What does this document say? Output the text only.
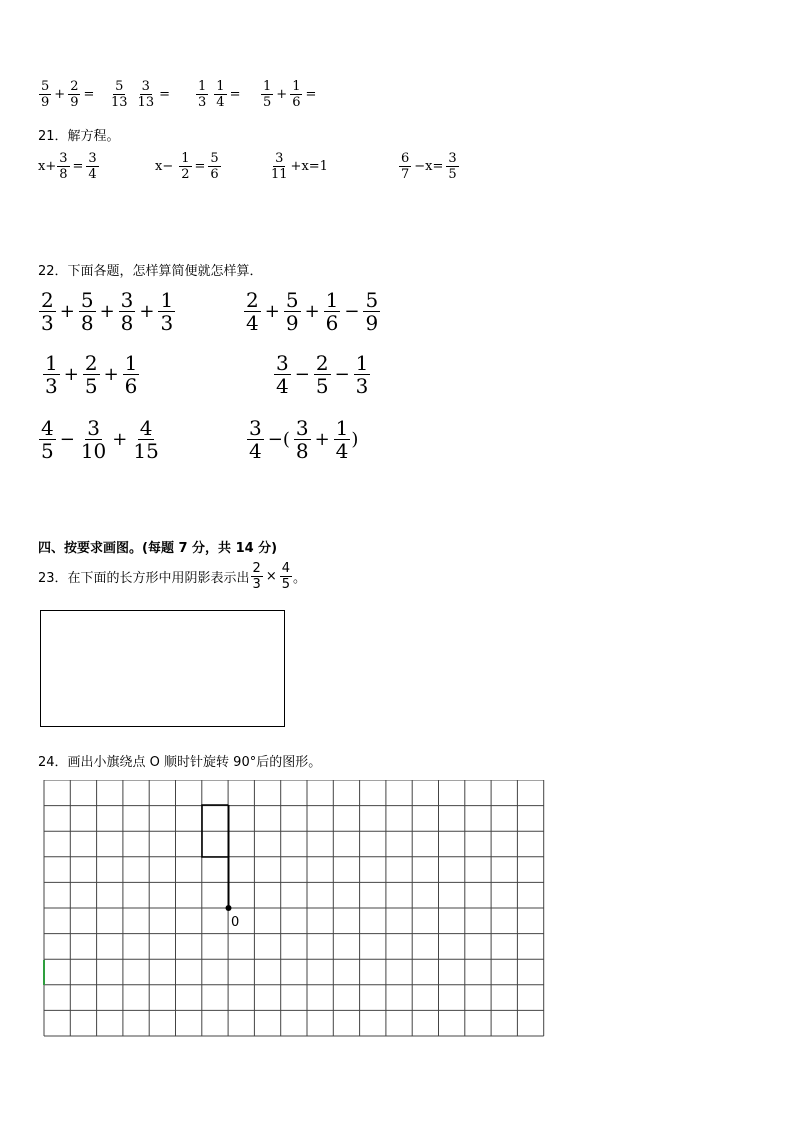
$\frac{5}{9} + \frac{2}{9} = \frac{5}{13} \frac{3}{13} = \frac{1}{3} \frac{1}{4} = \frac{1}{5} + \frac{1}{6}$ =
21．解方程。
$x+ \frac{3}{8} = \frac{3}{4}$	$x- \frac{1}{2} = \frac{5}{6}$	$\frac{3}{11} +x=1$	$\frac{6}{7} -x= \frac{3}{5}$
22．下面各题，怎样算简便就怎样算．
$\frac{2}{3} + \frac{5}{8} + \frac{3}{8} + \frac{1}{3}$	$\frac{2}{4} + \frac{5}{9} + \frac{1}{6} - \frac{5}{9}$
$\frac{1}{3} + \frac{2}{5} + \frac{1}{6}$	$\frac{3}{4} - \frac{2}{5} - \frac{1}{3}$
$\frac{4}{5} - \frac{3}{10} + \frac{4}{15}$	$\frac{3}{4}$ −( $\frac{3}{8} + \frac{1}{4}$ )
四、按要求画图。(每题 7 分，共 14 分)
23．在下面的长方形中用阴影表示出 $\frac{2}{3} \times \frac{4}{5}$ 。
24．画出小旗绕点 O 顺时针旋转 90°后的图形。
0
